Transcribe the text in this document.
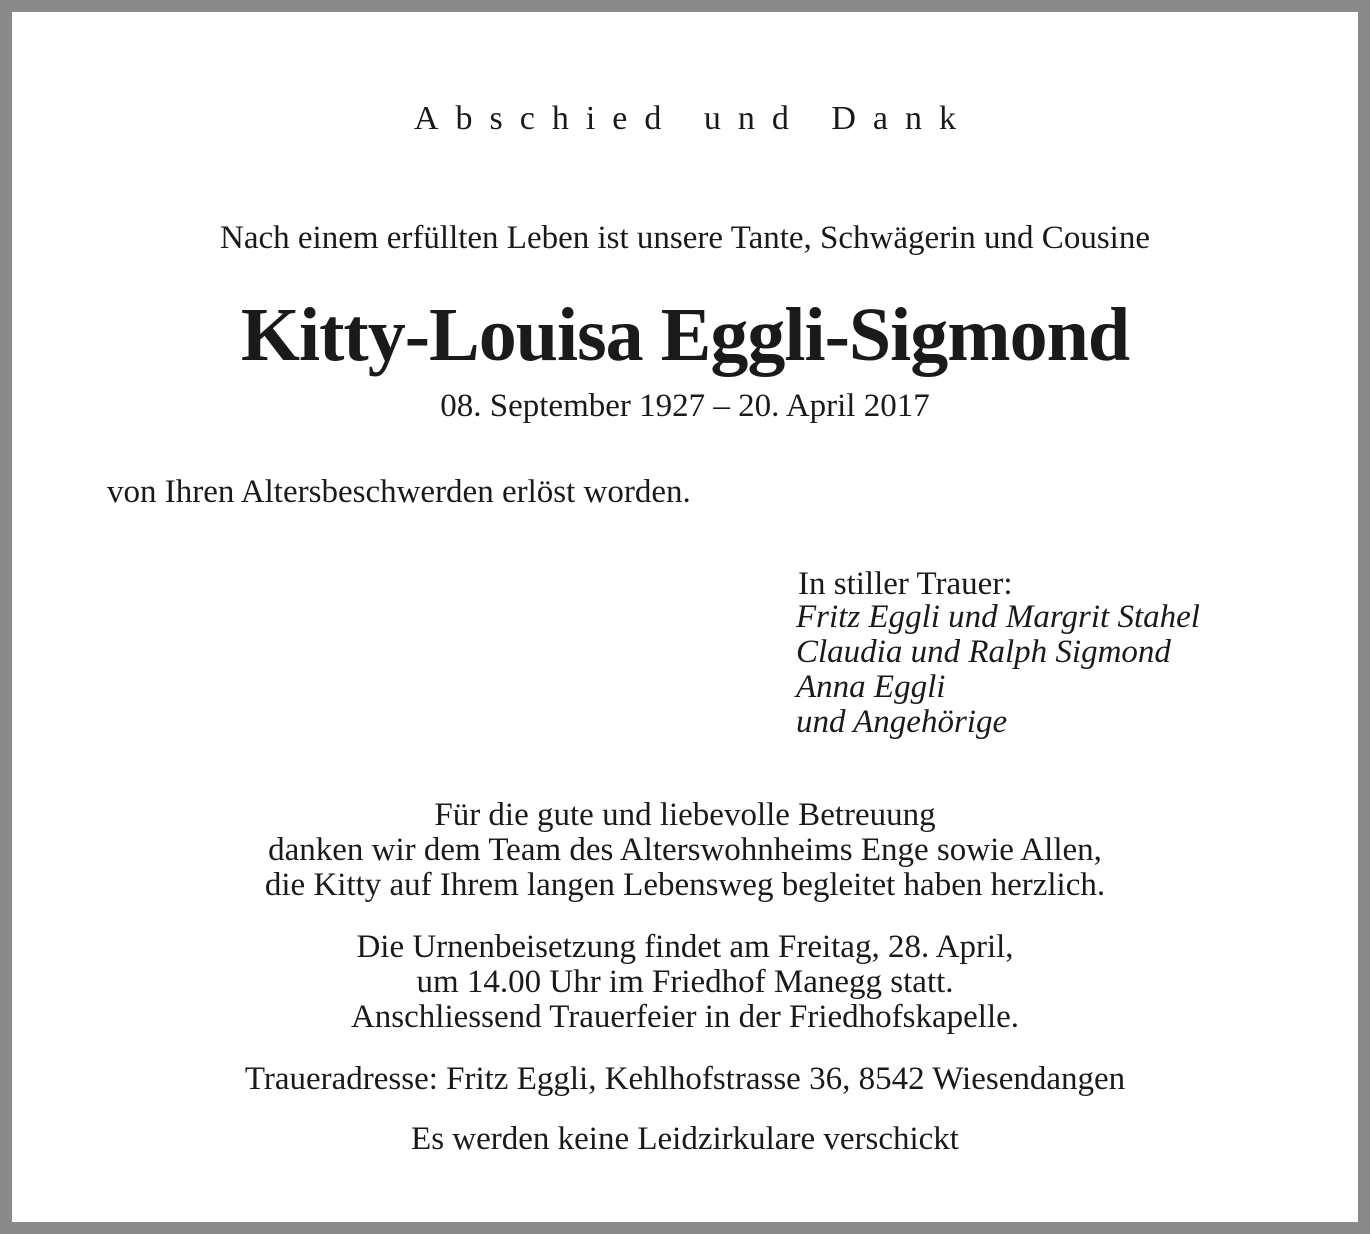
Abschied und Dank

Nach einem erfüllten Leben ist unsere Tante, Schwägerin und Cousine

Kitty-Louisa Eggli-Sigmond

08. September 1927 – 20. April 2017

von Ihren Altersbeschwerden erlöst worden.

In stiller Trauer:

Fritz Eggli und Margrit Stahel
Claudia und Ralph Sigmond
Anna Eggli
und Angehörige

Für die gute und liebevolle Betreuung
danken wir dem Team des Alterswohnheims Enge sowie Allen,
die Kitty auf Ihrem langen Lebensweg begleitet haben herzlich.

Die Urnenbeisetzung findet am Freitag, 28. April,
um 14.00 Uhr im Friedhof Manegg statt.
Anschliessend Trauerfeier in der Friedhofskapelle.

Traueradresse: Fritz Eggli, Kehlhofstrasse 36, 8542 Wiesendangen

Es werden keine Leidzirkulare verschickt
